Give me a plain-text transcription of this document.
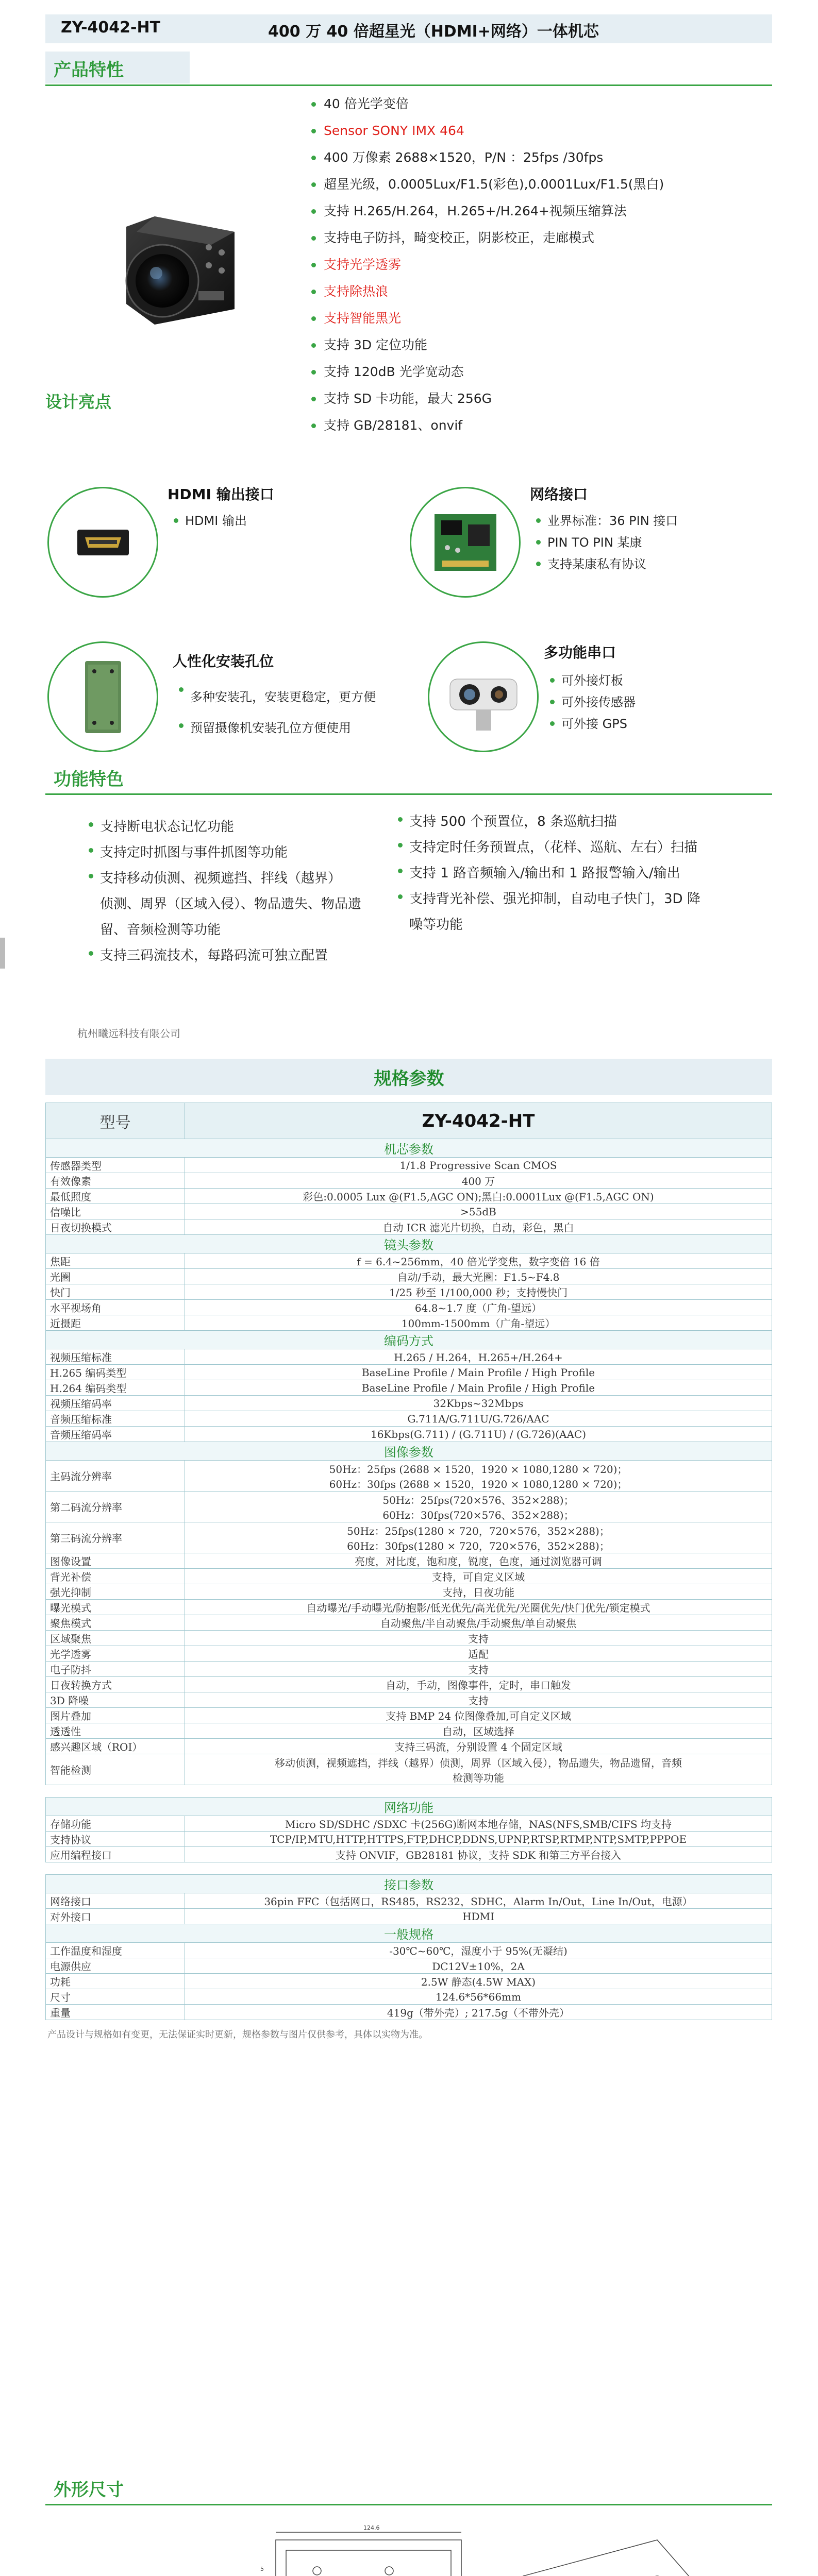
ZY-4042-HT	400 万 40 倍超星光（HDMI+网络）一体机芯
产品特性
设计亮点
40 倍光学变倍
Sensor SONY IMX 464
400 万像素 2688×1520，P/N ：25fps /30fps
超星光级，0.0005Lux/F1.5(彩色),0.0001Lux/F1.5(黑白)
支持 H.265/H.264，H.265+/H.264+视频压缩算法
支持电子防抖，畸变校正，阴影校正，走廊模式
支持光学透雾
支持除热浪
支持智能黑光
支持 3D 定位功能
支持 120dB 光学宽动态
支持 SD 卡功能，最大 256G
支持 GB/28181、onvif
HDMI 输出接口
HDMI 输出
网络接口
业界标准：36 PIN 接口
PIN TO PIN 某康
支持某康私有协议
人性化安装孔位
多种安装孔，安装更稳定，更方便
预留摄像机安装孔位方便使用
多功能串口
可外接灯板
可外接传感器
可外接 GPS
功能特色
支持断电状态记忆功能
支持定时抓图与事件抓图等功能
支持移动侦测、视频遮挡、拌线（越界）
侦测、周界（区域入侵）、物品遗失、物品遗
留、音频检测等功能
支持三码流技术，每路码流可独立配置
支持 500 个预置位，8 条巡航扫描
支持定时任务预置点，（花样、巡航、左右）扫描
支持 1 路音频输入/输出和 1 路报警输入/输出
支持背光补偿、强光抑制，自动电子快门，3D 降
噪等功能
杭州曦远科技有限公司
规格参数
型号	ZY-4042-HT
机芯参数	
传感器类型	1/1.8 Progressive Scan CMOS
有效像素	400 万
最低照度	彩色:0.0005 Lux @(F1.5,AGC ON);黑白:0.0001Lux @(F1.5,AGC ON)
信噪比	>55dB
日夜切换模式	自动 ICR 滤光片切换，自动，彩色，黑白
镜头参数	
焦距	f = 6.4~256mm，40 倍光学变焦，数字变倍 16 倍
光圈	自动/手动，最大光圈：F1.5~F4.8
快门	1/25 秒至 1/100,000 秒；支持慢快门
水平视场角	64.8~1.7 度（广角-望远）
近摄距	100mm-1500mm（广角-望远）
编码方式	
视频压缩标准	H.265 / H.264，H.265+/H.264+
H.265 编码类型	BaseLine Profile / Main Profile / High Profile
H.264 编码类型	BaseLine Profile / Main Profile / High Profile
视频压缩码率	32Kbps~32Mbps
音频压缩标准	G.711A/G.711U/G.726/AAC
音频压缩码率	16Kbps(G.711) / (G.711U) / (G.726)(AAC)
图像参数	
主码流分辨率	50Hz：25fps (2688 × 1520，1920 × 1080,1280 × 720)；
60Hz：30fps (2688 × 1520，1920 × 1080,1280 × 720)；
第二码流分辨率	50Hz：25fps(720×576、352×288)；
60Hz：30fps(720×576、352×288)；
第三码流分辨率	50Hz：25fps(1280 × 720，720×576，352×288)；
60Hz：30fps(1280 × 720，720×576，352×288)；
图像设置	亮度，对比度，饱和度，锐度，色度，通过浏览器可调
背光补偿	支持，可自定义区域
强光抑制	支持，日夜功能
曝光模式	自动曝光/手动曝光/防抱影/低光优先/高光优先/光圈优先/快门优先/锁定模式
聚焦模式	自动聚焦/半自动聚焦/手动聚焦/单自动聚焦
区域聚焦	支持
光学透雾	适配
电子防抖	支持
日夜转换方式	自动，手动，图像事件，定时，串口触发
3D 降噪	支持
图片叠加	支持 BMP 24 位图像叠加,可自定义区域
透透性	自动，区域选择
感兴趣区域（ROI）	支持三码流，分别设置 4 个固定区域
智能检测	移动侦测，视频遮挡，拌线（越界）侦测，周界（区域入侵），物品遗失，物品遗留，音频
检测等功能

网络功能	
存储功能	Micro SD/SDHC /SDXC 卡(256G)断网本地存储，NAS(NFS,SMB/CIFS 均支持
支持协议	TCP/IP,MTU,HTTP,HTTPS,FTP,DHCP,DDNS,UPNP,RTSP,RTMP,NTP,SMTP,PPPOE
应用编程接口	支持 ONVIF，GB28181 协议，支持 SDK 和第三方平台接入

接口参数	
网络接口	36pin FFC（包括网口，RS485，RS232，SDHC，Alarm In/Out，Line In/Out，电源）
对外接口	HDMI
一般规格	
工作温度和湿度	-30℃~60℃，湿度小于 95%(无凝结)
电源供应	DC12V±10%，2A
功耗	2.5W 静态(4.5W MAX)
尺寸	124.6*56*66mm
重量	419g（带外壳）; 217.5g（不带外壳）
外形尺寸
124.6
5
产品设计与规格如有变更，无法保证实时更新，规格参数与图片仅供参考，具体以实物为准。
